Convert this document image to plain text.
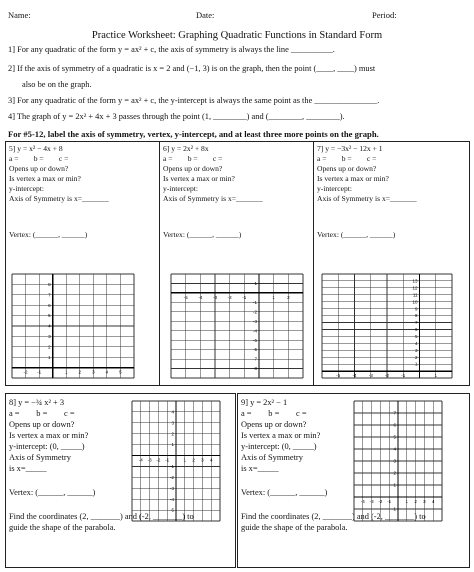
Name:	Date:	Period:
Practice Worksheet: Graphing Quadratic Functions in Standard Form
1] For any quadratic of the form y = ax² + c, the axis of symmetry is always the line __________.
2] If the axis of symmetry of a quadratic is x = 2 and (−1, 3) is on the graph, then the point (____, ____) must
also be on the graph.
3] For any quadratic of the form y = ax² + c, the y-intercept is always the same point as the _______________.
4] The graph of y = 2x² + 4x + 3 passes through the point (1, ________) and (________, ________).
For #5-12, label the axis of symmetry, vertex, y-intercept, and at least three more points on the graph.
5] y = x² − 4x + 8
a =        b =        c =
Opens up or down?
Is vertex a max or min?
y-intercept:
Axis of Symmetry is x=_______
Vertex: (______, ______)
6] y = 2x² + 8x
a =        b =        c =
Opens up or down?
Is vertex a max or min?
y-intercept:
Axis of Symmetry is x=_______
Vertex: (______, ______)
7] y = −3x² − 12x + 1
a =        b =        c =
Opens up or down?
Is vertex a max or min?
y-intercept:
Axis of Symmetry is x=_______
Vertex: (______, ______)
8] y = −¾ x² + 3
a =        b =        c =
Opens up or down?
Is vertex a max or min?
y-intercept: (0, _____)
Axis of Symmetry
is x=_____
Vertex: (______, ______)
Find the coordinates (2, _______) and (-2, _______) to
guide the shape of the parabola.
9] y = 2x² − 1
a =        b =        c =
Opens up or down?
Is vertex a max or min?
y-intercept: (0, _____)
Axis of Symmetry
is x=_____
Vertex: (______, ______)
Find the coordinates (2, _______) and (-2, _______) to
guide the shape of the parabola.
-2 -1	1 2 3 4 5
8
7
6
5
4
3
2
1
-5 -4 -3 -2 -1	1	2
1
-1
-2
-3
-4
-5
-6
-7
-8
-5	-4	-3	-2	-1	1
13
12
11
10
9
8
7
6
5
4
3
2
1
-4 -3 -2 -1	1 2 3 4
4
3
2
1
-1
-2
-3
-4
-5
-4 -3 -2 -1	1 2 3 4
7
6
5
4
3
2
1
-1
